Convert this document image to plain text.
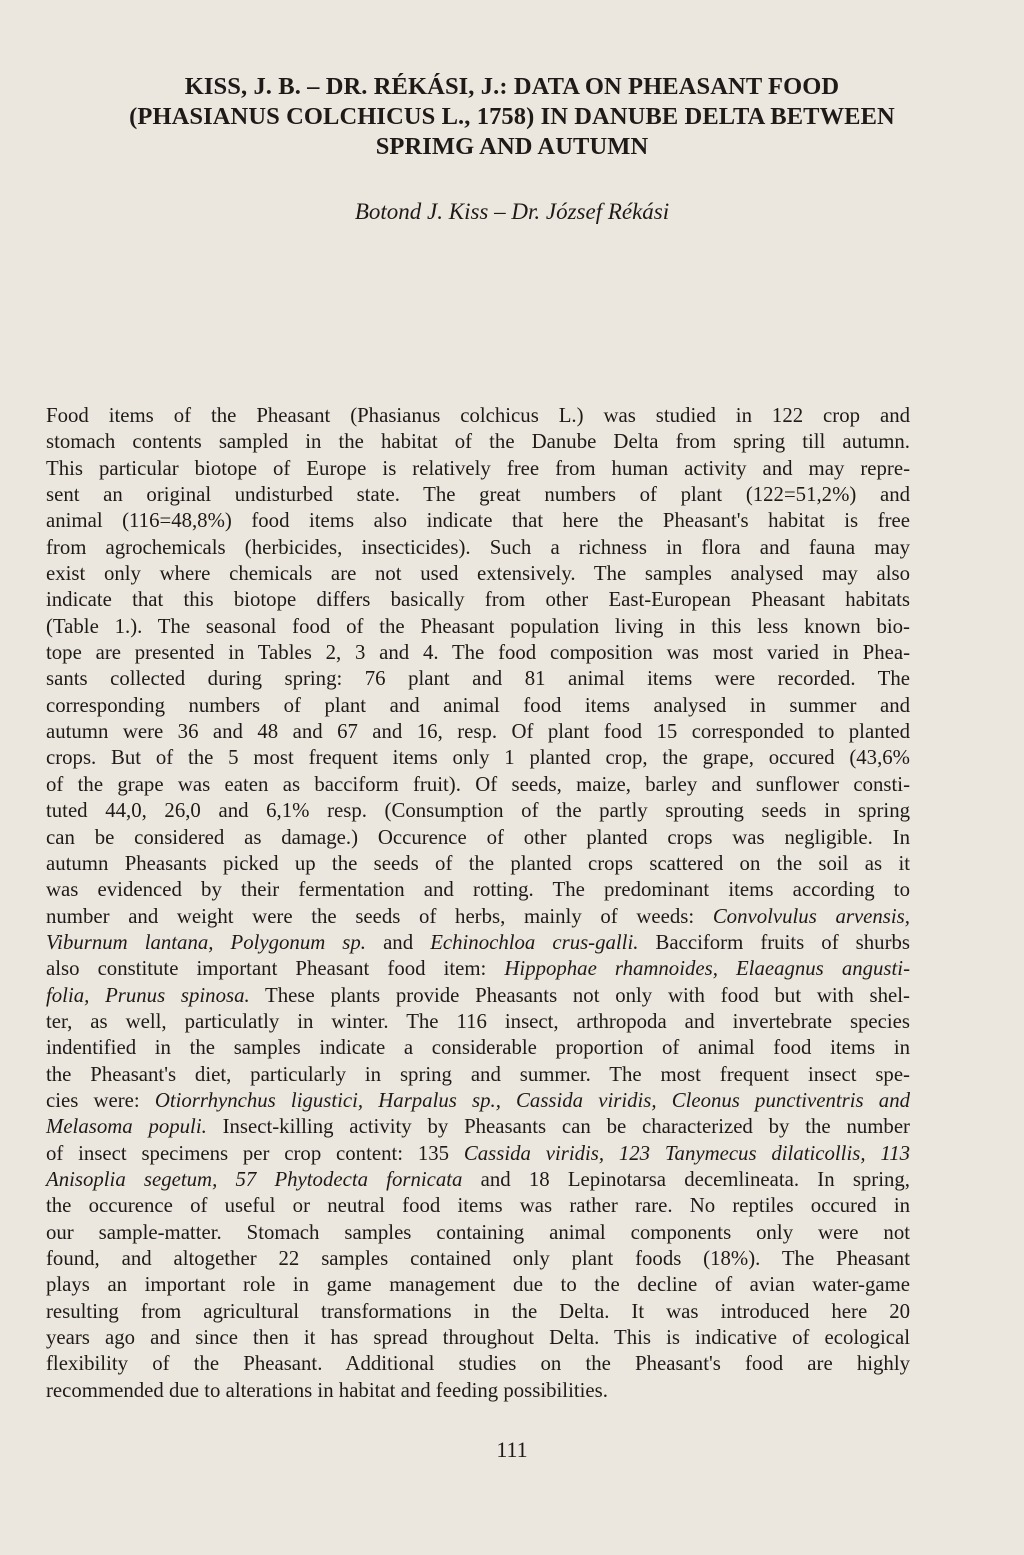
KISS, J. B. – DR. RÉKÁSI, J.: DATA ON PHEASANT FOOD
(PHASIANUS COLCHICUS L., 1758) IN DANUBE DELTA BETWEEN
SPRIMG AND AUTUMN
Botond J. Kiss – Dr. József Rékási
Food items of the Pheasant (Phasianus colchicus L.) was studied in 122 crop and
stomach contents sampled in the habitat of the Danube Delta from spring till autumn.
This particular biotope of Europe is relatively free from human activity and may repre-
sent an original undisturbed state. The great numbers of plant (122=51,2%) and
animal (116=48,8%) food items also indicate that here the Pheasant's habitat is free
from agrochemicals (herbicides, insecticides). Such a richness in flora and fauna may
exist only where chemicals are not used extensively. The samples analysed may also
indicate that this biotope differs basically from other East-European Pheasant habitats
(Table 1.). The seasonal food of the Pheasant population living in this less known bio-
tope are presented in Tables 2, 3 and 4. The food composition was most varied in Phea-
sants collected during spring: 76 plant and 81 animal items were recorded. The
corresponding numbers of plant and animal food items analysed in summer and
autumn were 36 and 48 and 67 and 16, resp. Of plant food 15 corresponded to planted
crops. But of the 5 most frequent items only 1 planted crop, the grape, occured (43,6%
of the grape was eaten as bacciform fruit). Of seeds, maize, barley and sunflower consti-
tuted 44,0, 26,0 and 6,1% resp. (Consumption of the partly sprouting seeds in spring
can be considered as damage.) Occurence of other planted crops was negligible. In
autumn Pheasants picked up the seeds of the planted crops scattered on the soil as it
was evidenced by their fermentation and rotting. The predominant items according to
number and weight were the seeds of herbs, mainly of weeds: Convolvulus arvensis,
Viburnum lantana, Polygonum sp. and Echinochloa crus-galli. Bacciform fruits of shurbs
also constitute important Pheasant food item: Hippophae rhamnoides, Elaeagnus angusti-
folia, Prunus spinosa. These plants provide Pheasants not only with food but with shel-
ter, as well, particulatly in winter. The 116 insect, arthropoda and invertebrate species
indentified in the samples indicate a considerable proportion of animal food items in
the Pheasant's diet, particularly in spring and summer. The most frequent insect spe-
cies were: Otiorrhynchus ligustici, Harpalus sp., Cassida viridis, Cleonus punctiventris and
Melasoma populi. Insect-killing activity by Pheasants can be characterized by the number
of insect specimens per crop content: 135 Cassida viridis, 123 Tanymecus dilaticollis, 113
Anisoplia segetum, 57 Phytodecta fornicata and 18 Lepinotarsa decemlineata. In spring,
the occurence of useful or neutral food items was rather rare. No reptiles occured in
our sample-matter. Stomach samples containing animal components only were not
found, and altogether 22 samples contained only plant foods (18%). The Pheasant
plays an important role in game management due to the decline of avian water-game
resulting from agricultural transformations in the Delta. It was introduced here 20
years ago and since then it has spread throughout Delta. This is indicative of ecological
flexibility of the Pheasant. Additional studies on the Pheasant's food are highly
recommended due to alterations in habitat and feeding possibilities.
111
